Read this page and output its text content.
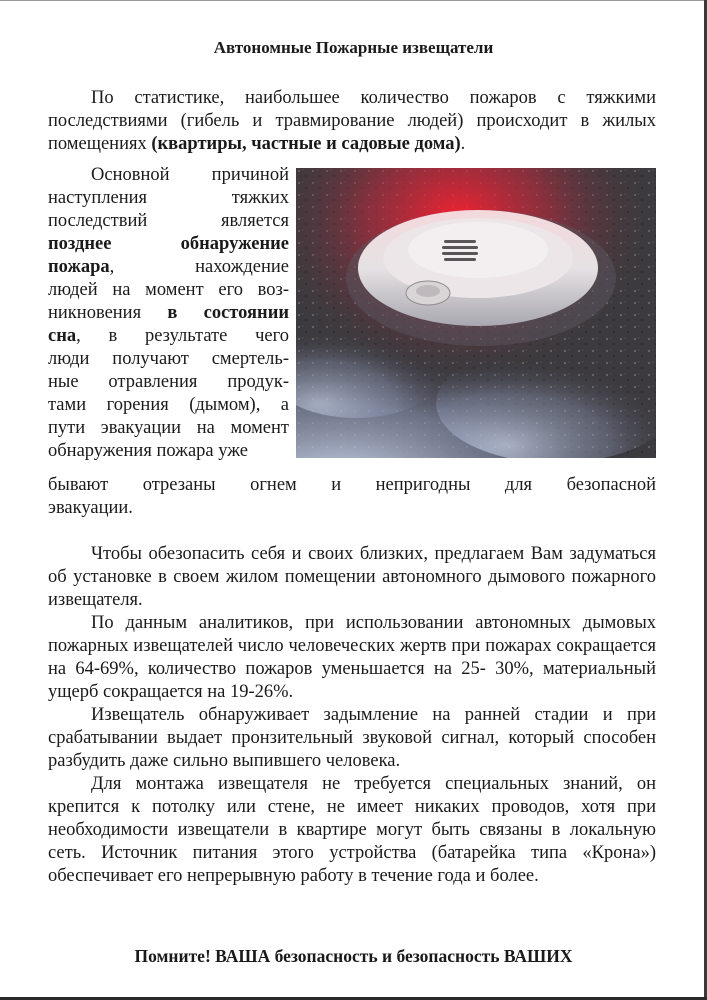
Автономные Пожарные извещатели

По статистике, наибольшее количество пожаров с тяжкими последствиями (гибель и травмирование людей) происходит в жилых помещениях (квартиры, частные и садовые дома).

Основной причиной
наступления тяжких
последствий является
позднее обнаружение
пожара, нахождение
людей на момент его воз-
никновения в состоянии
сна, в результате чего
люди получают смертель-
ные отравления продук-
тами горения (дымом), а
пути эвакуации на момент
обнаружения пожара уже
бывают отрезаны огнем и непригодны для безопасной
эвакуации.

Чтобы обезопасить себя и своих близких, предлагаем Вам задуматься об установке в своем жилом помещении автономного дымового пожарного извещателя.

По данным аналитиков, при использовании автономных дымовых пожарных извещателей число человеческих жертв при пожарах сокращается на 64-69%, количество пожаров уменьшается на 25- 30%, материальный ущерб сокращается на 19-26%.

Извещатель обнаруживает задымление на ранней стадии и при срабатывании выдает пронзительный звуковой сигнал, который способен разбудить даже сильно выпившего человека.

Для монтажа извещателя не требуется специальных знаний, он крепится к потолку или стене, не имеет никаких проводов, хотя при необходимости извещатели в квартире могут быть связаны в локальную сеть. Источник питания этого устройства (батарейка типа «Крона») обеспечивает его непрерывную работу в течение года и более.

Помните! ВАША безопасность и безопасность ВАШИХ
